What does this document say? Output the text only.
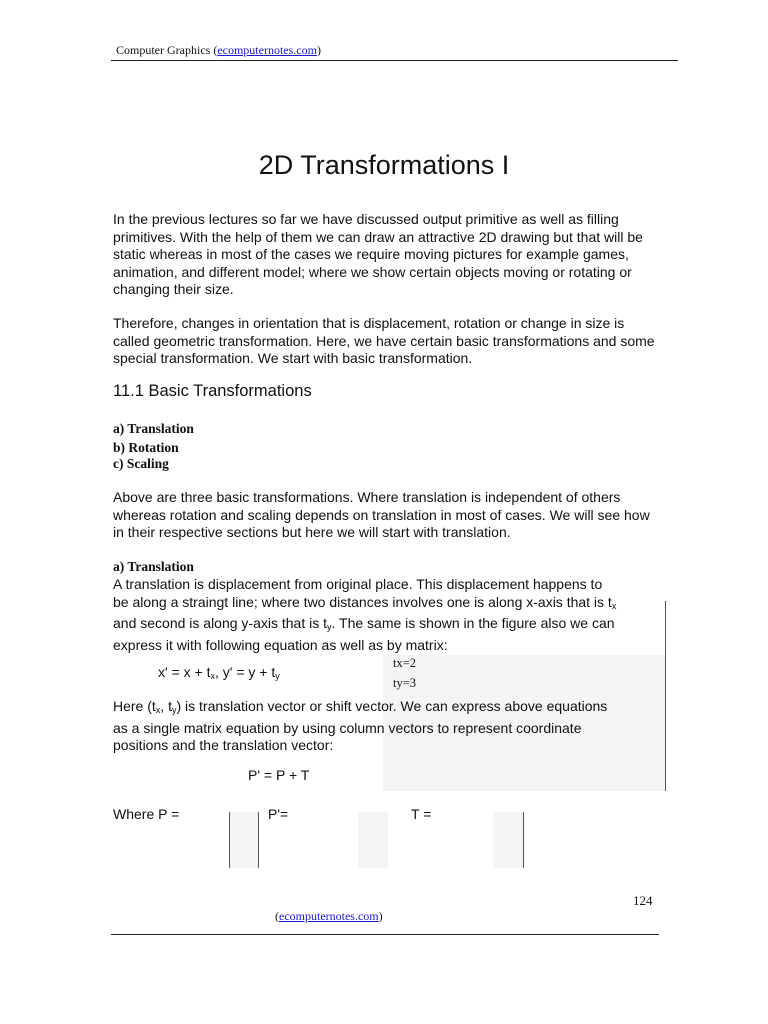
Computer Graphics (ecomputernotes.com)
2D Transformations I
In the previous lectures so far we have discussed output primitive as well as filling primitives. With the help of them we can draw an attractive 2D drawing but that will be static whereas in most of the cases we require moving pictures for example games, animation, and different model; where we show certain objects moving or rotating or changing their size.
Therefore, changes in orientation that is displacement, rotation or change in size is called geometric transformation. Here, we have certain basic transformations and some special transformation. We start with basic transformation.
11.1 Basic Transformations
a) Translation
b) Rotation
c) Scaling
Above are three basic transformations. Where translation is independent of others whereas rotation and scaling depends on translation in most of cases. We will see how in their respective sections but here we will start with translation.
a) Translation
A translation is displacement from original place. This displacement happens to
be along a straingt line; where two distances involves one is along x-axis that is $t_x$
and second is along y-axis that is $t_y$. The same is shown in the figure also we can
express it with following equation as well as by matrix:
$x' = x + t_x$, $y' = y + t_y$
tx=2
ty=3
Here ($t_x$, $t_y$) is translation vector or shift vector. We can express above equations
as a single matrix equation by using column vectors to represent coordinate
positions and the translation vector:
P' = P + T
Where P =	P'=	T =
124
(ecomputernotes.com)
